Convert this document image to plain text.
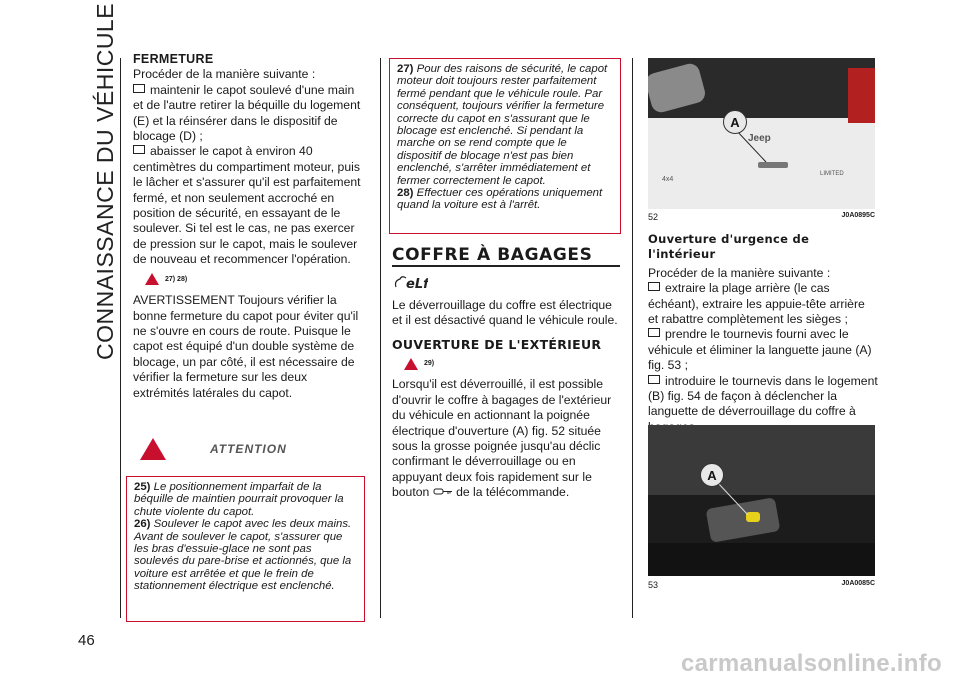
CONNAISSANCE DU VÉHICULE
46

FERMETURE

Procéder de la manière suivante :

maintenir le capot soulevé d'une main et de l'autre retirer la béquille du logement (E) et la réinsérer dans le dispositif de blocage (D) ;

abaisser le capot à environ 40 centimètres du compartiment moteur, puis le lâcher et s'assurer qu'il est parfaitement fermé, et non seulement accroché en position de sécurité, en essayant de le soulever. Si tel est le cas, ne pas exercer de pression sur le capot, mais le soulever de nouveau et recommencer l'opération.

27) 28)

AVERTISSEMENT Toujours vérifier la bonne fermeture du capot pour éviter qu'il ne s'ouvre en cours de route. Puisque le capot est équipé d'un double système de blocage, un par côté, il est nécessaire de vérifier la fermeture sur les deux extrémités latérales du capot.

ATTENTION

25) Le positionnement imparfait de la béquille de maintien pourrait provoquer la chute violente du capot.

26) Soulever le capot avec les deux mains. Avant de soulever le capot, s'assurer que les bras d'essuie-glace ne sont pas soulevés du pare-brise et actionnés, que la voiture est arrêtée et que le frein de stationnement électrique est enclenché.

27) Pour des raisons de sécurité, le capot moteur doit toujours rester parfaitement fermé pendant que le véhicule roule. Par conséquent, toujours vérifier la fermeture correcte du capot en s'assurant que le blocage est enclenché. Si pendant la marche on se rend compte que le dispositif de blocage n'est pas bien enclenché, s'arrêter immédiatement et fermer correctement le capot.

28) Effectuer ces opérations uniquement quand la voiture est à l'arrêt.

COFFRE À BAGAGES
eLf

Le déverrouillage du coffre est électrique et il est désactivé quand le véhicule roule.

OUVERTURE DE L'EXTÉRIEUR

29)

Lorsqu'il est déverrouillé, il est possible d'ouvrir le coffre à bagages de l'extérieur du véhicule en actionnant la poignée électrique d'ouverture (A) fig. 52 située sous la grosse poignée jusqu'au déclic confirmant le déverrouillage ou en appuyant deux fois rapidement sur le bouton de la télécommande.

Jeep
4x4
LIMITED
A
52	J0A0895C

Ouverture d'urgence de l'intérieur

Procéder de la manière suivante :

extraire la plage arrière (le cas échéant), extraire les appuie-tête arrière et rabattre complètement les sièges ;

prendre le tournevis fourni avec le véhicule et éliminer la languette jaune (A) fig. 53 ;

introduire le tournevis dans le logement (B) fig. 54 de façon à déclencher la languette de déverrouillage du coffre à

A
53	J0A0085C
carmanualsonline.info
